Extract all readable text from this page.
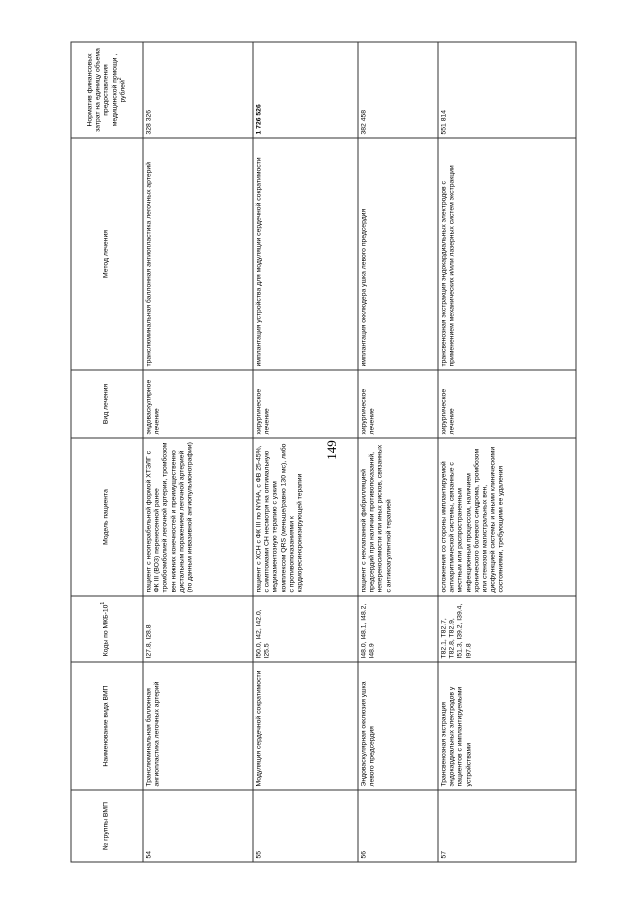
149
№ группы ВМП	Наименование вида ВМП	Коды по МКБ-$10^1$	Модель пациента	Вид лечения	Метод лечения	Норматив финансовых затрат на единицу объема предоставления медицинской помощи , рублей$^2$
54	Транслюминальная баллонная ангиопластика легочных артерий	I27.8, I28.8	пациент с неоперабельной формой ХТЭЛГ с ФК III (ВОЗ) перенесенной ранее тромбоэмболией легочной артерии, тромбозом вен нижних конечностей и преимущественно дистальным поражением легочной артерией (по данным инвазивной ангиопульмонографии)	эндоваскулярное лечение	транслюминальная баллонная ангиопластика легочных артерий	328 326
55	Модуляция сердечной сократимости	I50.0, I42, I42.0, I25.5	пациент с ХСН с ФК III по NYHA, с ФВ 25-45%, с симптомами СН несмотря на оптимальную медикаментозную терапию с узким комплексом QRS (меньше/равно 130 мс), либо с противопоказаниями к кардиоресинхронизирующей терапии	хирургическое лечение	имплантация устройства для модуляции сердечной сократимости	1 726 526
56	Эндоваскулярная окклюзия ушка левого предсердия	I48.0, I48.1, I48.2, I48.9	пациент с неклапанной фибрилляцией предсердий при наличии противопоказаний, непереносимости или иных рисков, связанных с антикоагулянтной терапией	хирургическое лечение	имплантация окклюдера ушка левого предсердия	382 458
57	Трансвенозная экстракция эндокардиальных электродов у пациентов с имплантируемыми устройствами	T82.1, T82.7, T82.8, T82.9, I51.3, I39.2, I39.4, I97.8	осложнения со стороны имплантируемой антиаритмической системы, связанные с местным или распространенным инфекционным процессом, наличием хронического болевого синдрома, тромбозом или стенозом магистральных вен, дисфункцией системы и иными клиническими состояниями, требующими ее удаления	хирургическое лечение	трансвенозная экстракция эндокардиальных электродов с применением механических и/или лазерных систем экстракции	551 814
